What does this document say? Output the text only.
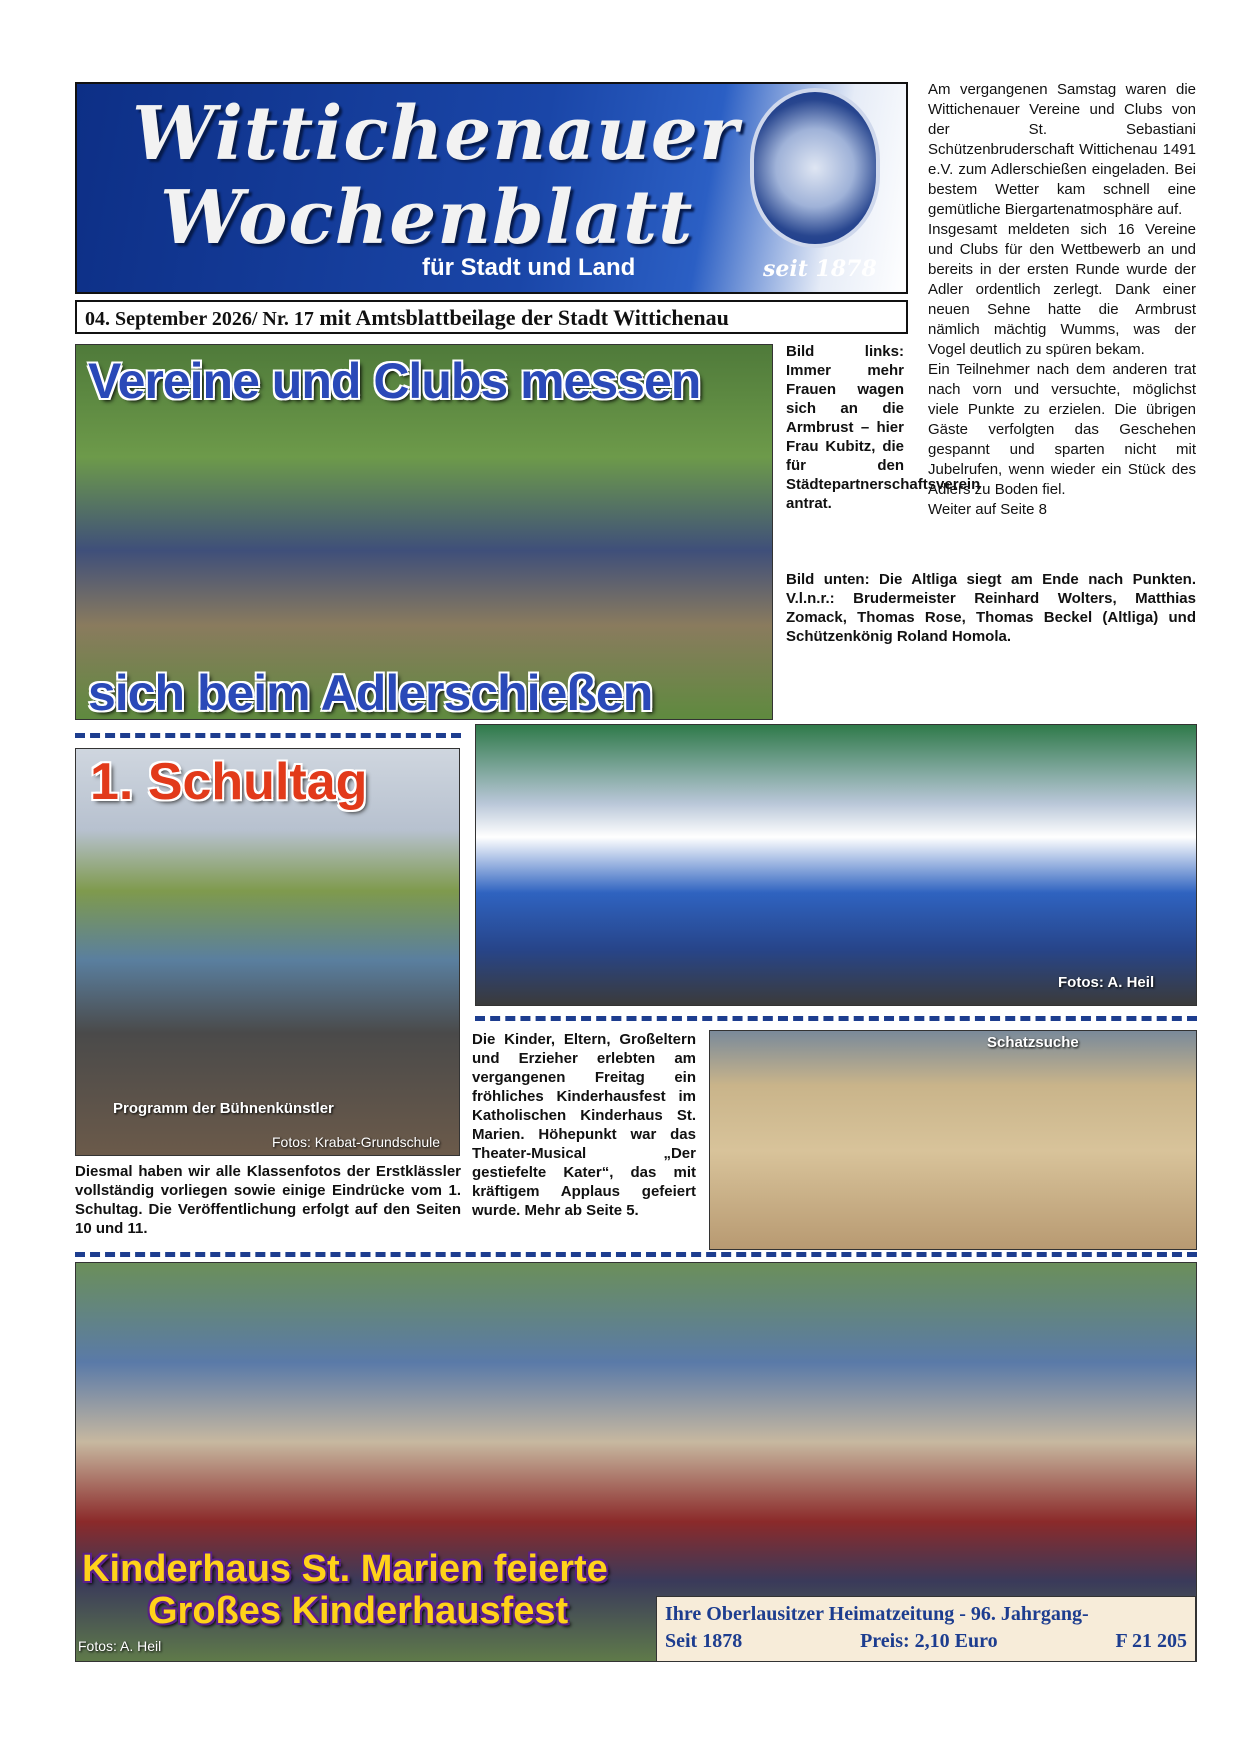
Wittichenauer
Wochenblatt
für Stadt und Land	seit 1878
04. September 2026/ Nr. 17 mit Amtsblattbeilage der Stadt Wittichenau

Am vergangenen Samstag waren die Wittichenauer Vereine und Clubs von der St. Sebastiani Schützenbruderschaft Wittichenau 1491 e.V. zum Adlerschießen eingeladen. Bei bestem Wetter kam schnell eine gemütliche Biergartenatmosphäre auf.

Insgesamt meldeten sich 16 Vereine und Clubs für den Wettbewerb an und bereits in der ersten Runde wurde der Adler ordentlich zerlegt. Dank einer neuen Sehne hatte die Armbrust nämlich mächtig Wumms, was der Vogel deutlich zu spüren bekam.

Ein Teilnehmer nach dem anderen trat nach vorn und versuchte, möglichst viele Punkte zu erzielen. Die übrigen Gäste verfolgten das Geschehen gespannt und sparten nicht mit Jubelrufen, wenn wieder ein Stück des Adlers zu Boden fiel.

Weiter auf Seite 8

Vereine und Clubs messen
sich beim Adlerschießen
Bild links: Immer mehr Frauen wagen sich an die Armbrust – hier Frau Kubitz, die für den Städtepartnerschaftsverein antrat.
Bild unten: Die Altliga siegt am Ende nach Punkten. V.l.n.r.: Brudermeister Reinhard Wolters, Matthias Zomack, Thomas Rose, Thomas Beckel (Altliga) und Schützenkönig Roland Homola.
Fotos: A. Heil
1. Schultag
Programm der Bühnenkünstler
Fotos: Krabat-Grundschule
Diesmal haben wir alle Klassenfotos der Erstklässler vollständig vorliegen sowie einige Eindrücke vom 1. Schultag. Die Veröffentlichung erfolgt auf den Seiten 10 und 11.
Die Kinder, Eltern, Großeltern und Erzieher erlebten am vergangenen Freitag ein fröhliches Kinderhausfest im Katholischen Kinderhaus St. Marien. Höhepunkt war das Theater-Musical „Der gestiefelte Kater“, das mit kräftigem Applaus gefeiert wurde. Mehr ab Seite 5.
Schatzsuche
Kinderhaus St. Marien feierte
Großes Kinderhausfest
Fotos: A. Heil
Ihre Oberlausitzer Heimatzeitung - 96. Jahrgang-
Seit 1878	Preis: 2,10 Euro	F 21 205
